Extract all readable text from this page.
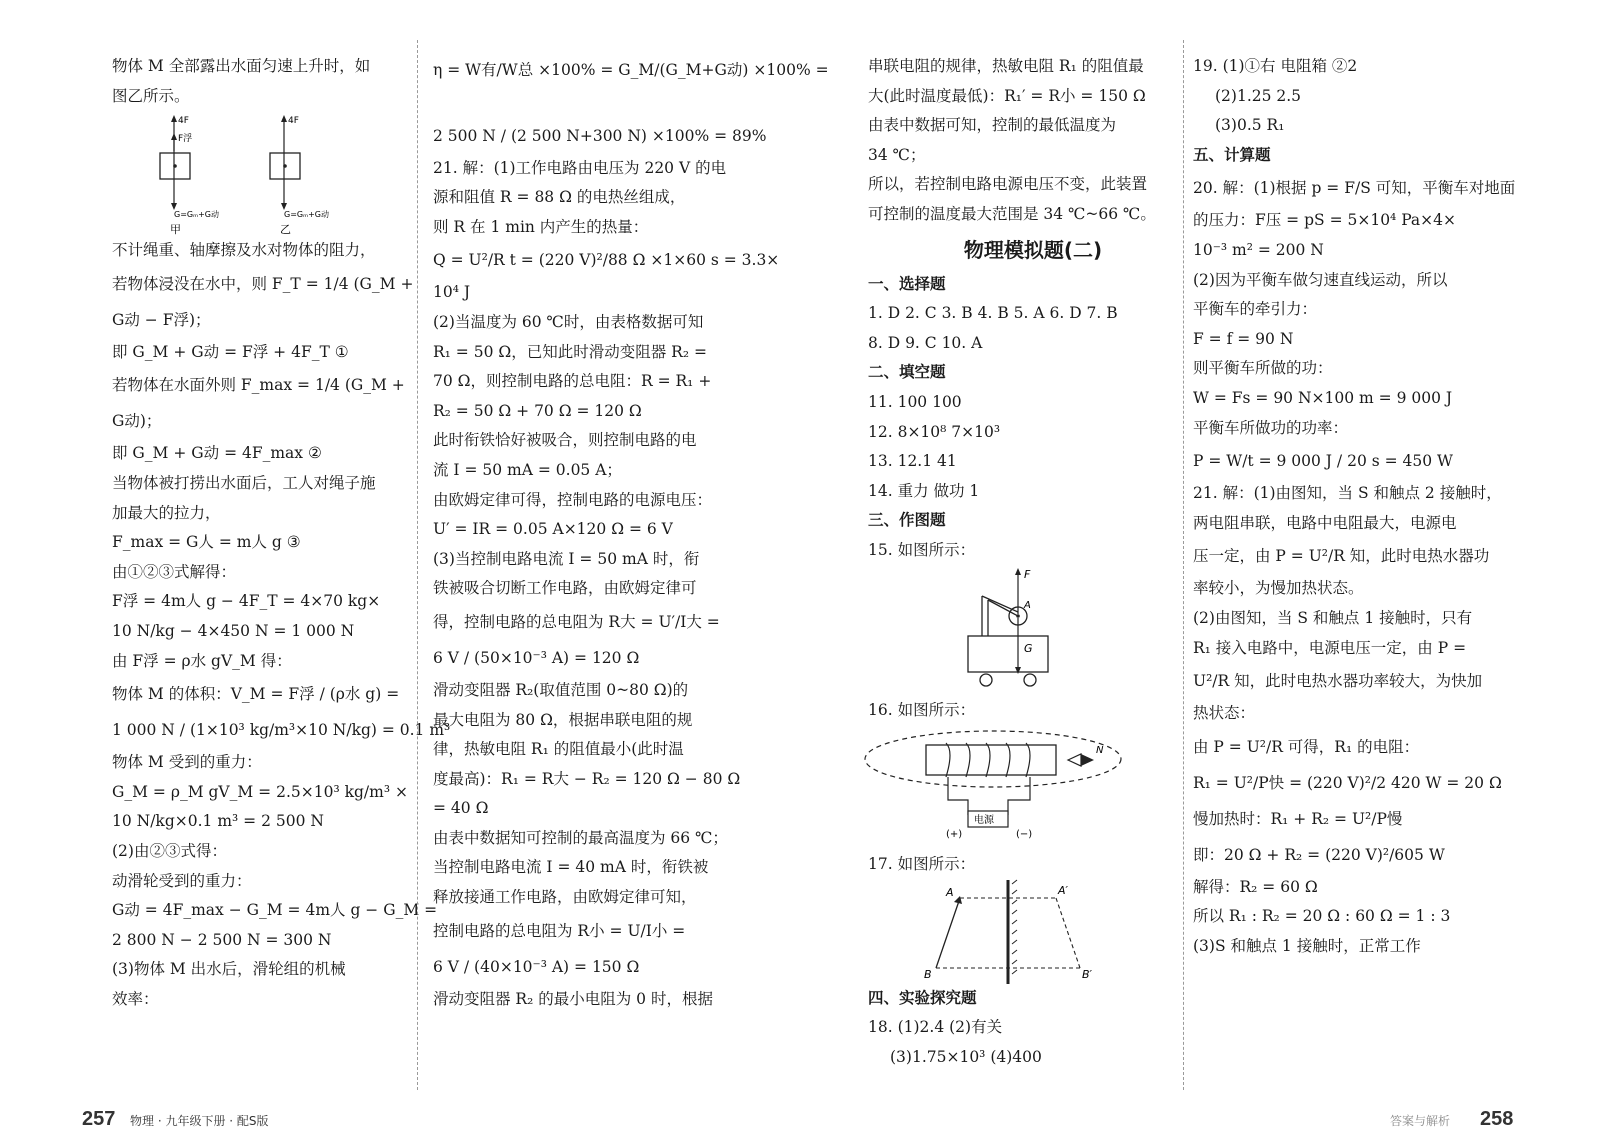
物体 M 全部露出水面匀速上升时，如
图乙所示。
4F
F浮
G=Gₘ+G动
甲
4F
G=Gₘ+G动
乙
不计绳重、轴摩擦及水对物体的阻力，
若物体浸没在水中，则 F_T = 1/4 (G_M +
G动 − F浮)；
即 G_M + G动 = F浮 + 4F_T ①
若物体在水面外则 F_max = 1/4 (G_M +
G动)；
即 G_M + G动 = 4F_max ②
当物体被打捞出水面后，工人对绳子施
加最大的拉力，
F_max = G人 = m人 g ③
由①②③式解得：
F浮 = 4m人 g − 4F_T = 4×70 kg×
10 N/kg − 4×450 N = 1 000 N
由 F浮 = ρ水 gV_M 得：
物体 M 的体积：V_M = F浮 / (ρ水 g) =
1 000 N / (1×10³ kg/m³×10 N/kg) = 0.1 m³
物体 M 受到的重力：
G_M = ρ_M gV_M = 2.5×10³ kg/m³ ×
10 N/kg×0.1 m³ = 2 500 N
(2)由②③式得：
动滑轮受到的重力：
G动 = 4F_max − G_M = 4m人 g − G_M =
2 800 N − 2 500 N = 300 N
(3)物体 M 出水后，滑轮组的机械
效率：
η = W有/W总 ×100% = G_M/(G_M+G动) ×100% =
2 500 N / (2 500 N+300 N) ×100% = 89%
21. 解：(1)工作电路由电压为 220 V 的电
源和阻值 R = 88 Ω 的电热丝组成，
则 R 在 1 min 内产生的热量：
Q = U²/R t = (220 V)²/88 Ω ×1×60 s = 3.3×
10⁴ J
(2)当温度为 60 ℃时，由表格数据可知
R₁ = 50 Ω，已知此时滑动变阻器 R₂ =
70 Ω，则控制电路的总电阻：R = R₁ +
R₂ = 50 Ω + 70 Ω = 120 Ω
此时衔铁恰好被吸合，则控制电路的电
流 I = 50 mA = 0.05 A；
由欧姆定律可得，控制电路的电源电压：
U′ = IR = 0.05 A×120 Ω = 6 V
(3)当控制电路电流 I = 50 mA 时，衔
铁被吸合切断工作电路，由欧姆定律可
得，控制电路的总电阻为 R大 = U′/I大 =
6 V / (50×10⁻³ A) = 120 Ω
滑动变阻器 R₂(取值范围 0~80 Ω)的
最大电阻为 80 Ω，根据串联电阻的规
律，热敏电阻 R₁ 的阻值最小(此时温
度最高)：R₁ = R大 − R₂ = 120 Ω − 80 Ω
= 40 Ω
由表中数据知可控制的最高温度为 66 ℃；
当控制电路电流 I = 40 mA 时，衔铁被
释放接通工作电路，由欧姆定律可知，
控制电路的总电阻为 R小 = U/I小 =
6 V / (40×10⁻³ A) = 150 Ω
滑动变阻器 R₂ 的最小电阻为 0 时，根据
串联电阻的规律，热敏电阻 R₁ 的阻值最
大(此时温度最低)：R₁′ = R小 = 150 Ω
由表中数据可知，控制的最低温度为
34 ℃；
所以，若控制电路电源电压不变，此装置
可控制的温度最大范围是 34 ℃~66 ℃。
物理模拟题(二)
一、选择题
1. D 2. C 3. B 4. B 5. A 6. D 7. B
8. D 9. C 10. A
二、填空题
11. 100 100
12. 8×10⁸ 7×10³
13. 12.1 41
14. 重力 做功 1
三、作图题
15. 如图所示：
F
A
G
16. 如图所示：
电源
(+)	(−)
N
17. 如图所示：
A	A′
B	B′
四、实验探究题
18. (1)2.4 (2)有关
(3)1.75×10³ (4)400
19. (1)①右 电阻箱 ②2
(2)1.25 2.5
(3)0.5 R₁
五、计算题
20. 解：(1)根据 p = F/S 可知，平衡车对地面
的压力：F压 = pS = 5×10⁴ Pa×4×
10⁻³ m² = 200 N
(2)因为平衡车做匀速直线运动，所以
平衡车的牵引力：
F = f = 90 N
则平衡车所做的功：
W = Fs = 90 N×100 m = 9 000 J
平衡车所做功的功率：
P = W/t = 9 000 J / 20 s = 450 W
21. 解：(1)由图知，当 S 和触点 2 接触时，
两电阻串联，电路中电阻最大，电源电
压一定，由 P = U²/R 知，此时电热水器功
率较小，为慢加热状态。
(2)由图知，当 S 和触点 1 接触时，只有
R₁ 接入电路中，电源电压一定，由 P =
U²/R 知，此时电热水器功率较大，为快加
热状态：
由 P = U²/R 可得，R₁ 的电阻：
R₁ = U²/P快 = (220 V)²/2 420 W = 20 Ω
慢加热时：R₁ + R₂ = U²/P慢
即：20 Ω + R₂ = (220 V)²/605 W
解得：R₂ = 60 Ω
所以 R₁ : R₂ = 20 Ω : 60 Ω = 1 : 3
(3)S 和触点 1 接触时，正常工作
257 物理 · 九年级下册 · 配S版	答案与解析 258
